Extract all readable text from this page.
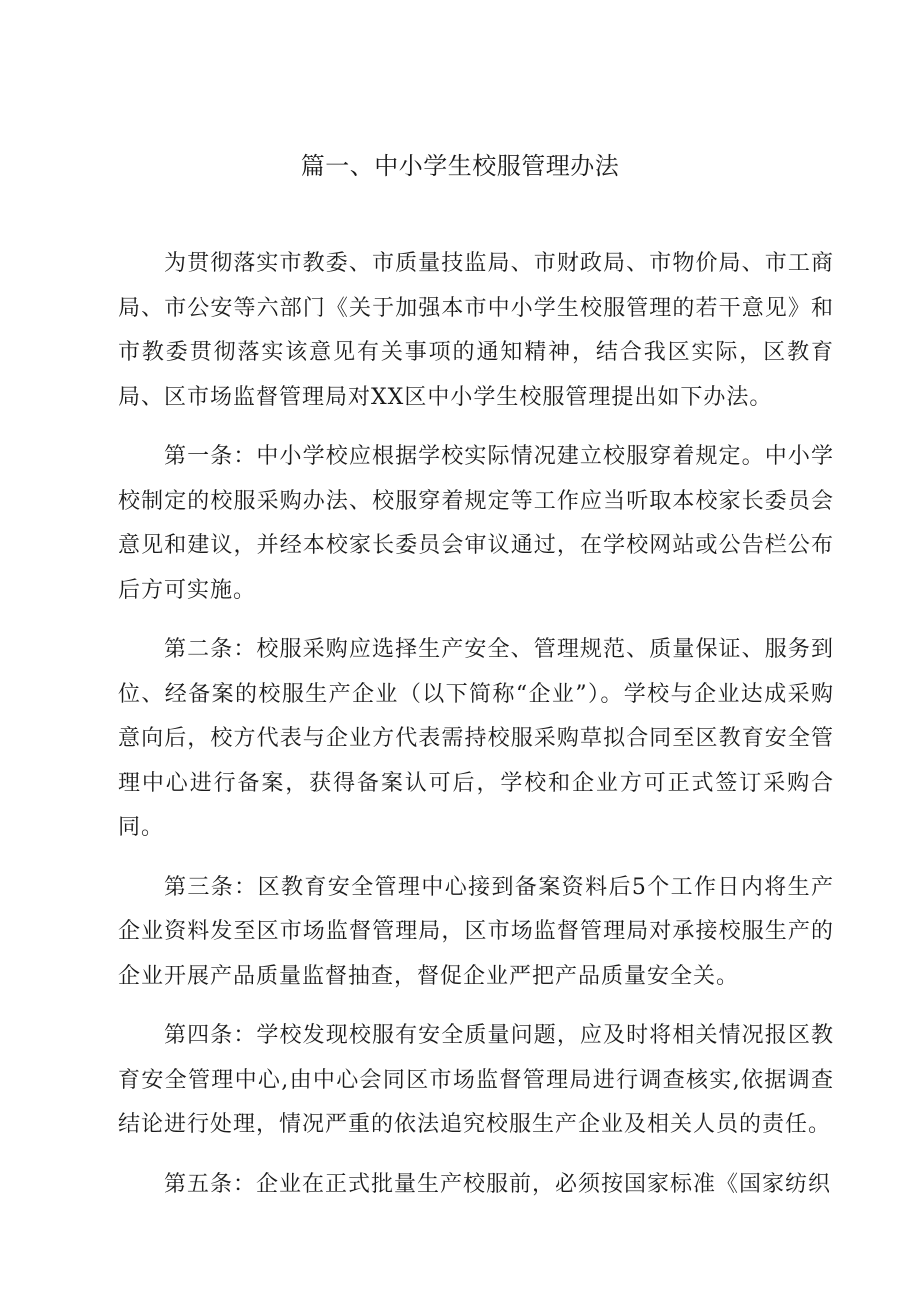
篇一、中小学生校服管理办法

为贯彻落实市教委、市质量技监局、市财政局、市物价局、市工商局、市公安等六部门《关于加强本市中小学生校服管理的若干意见》和市教委贯彻落实该意见有关事项的通知精神，结合我区实际，区教育局、区市场监督管理局对XX区中小学生校服管理提出如下办法。

第一条：中小学校应根据学校实际情况建立校服穿着规定。中小学校制定的校服采购办法、校服穿着规定等工作应当听取本校家长委员会意见和建议，并经本校家长委员会审议通过，在学校网站或公告栏公布后方可实施。

第二条：校服采购应选择生产安全、管理规范、质量保证、服务到位、经备案的校服生产企业（以下简称“企业”）。学校与企业达成采购意向后，校方代表与企业方代表需持校服采购草拟合同至区教育安全管理中心进行备案，获得备案认可后，学校和企业方可正式签订采购合同。

第三条：区教育安全管理中心接到备案资料后5个工作日内将生产企业资料发至区市场监督管理局，区市场监督管理局对承接校服生产的企业开展产品质量监督抽查，督促企业严把产品质量安全关。

第四条：学校发现校服有安全质量问题，应及时将相关情况报区教育安全管理中心,由中心会同区市场监督管理局进行调查核实,依据调查结论进行处理，情况严重的依法追究校服生产企业及相关人员的责任。

第五条：企业在正式批量生产校服前，必须按国家标准《国家纺织
